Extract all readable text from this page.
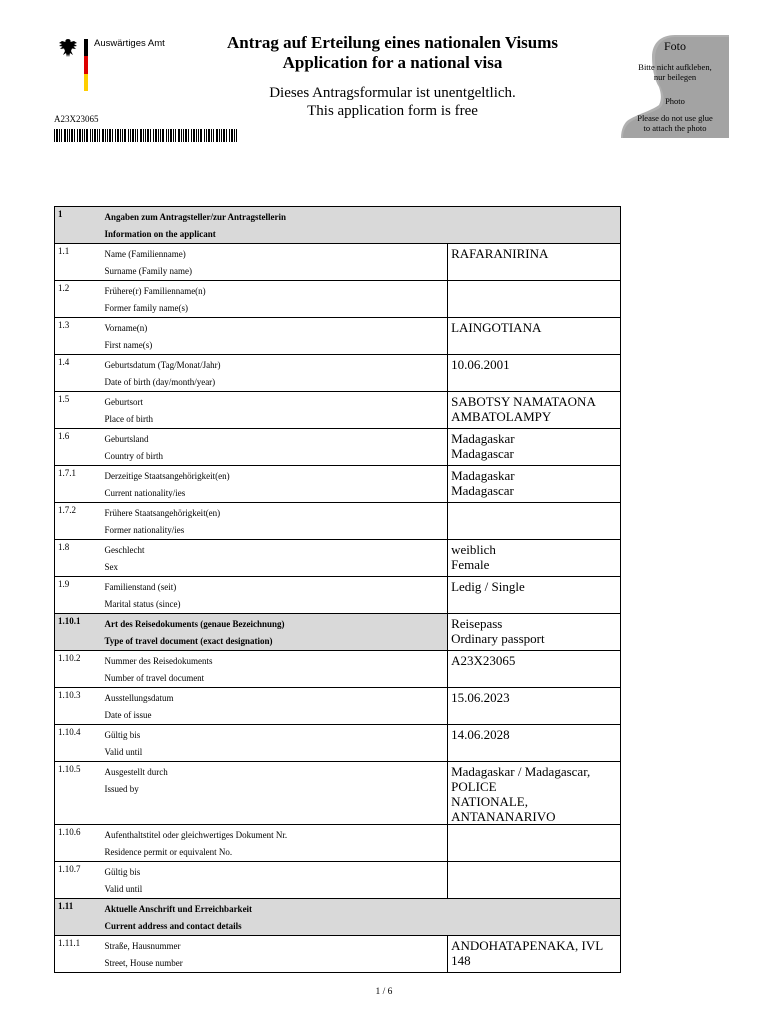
Auswärtiges Amt	Antrag auf Erteilung eines nationalen Visums
Application for a national visa
Dieses Antragsformular ist unentgeltlich.
This application form is free
A23X23065
Foto
Bitte nicht aufkleben,
nur beilegen
Photo
Please do not use glue
to attach the photo
1	Angaben zum Antragsteller/zur Antragstellerin
Information on the applicant	

1.1	Name (Familienname)
Surname (Family name)	RAFARANIRINA

1.2	Frühere(r) Familienname(n)
Former family name(s)	

1.3	Vorname(n)
First name(s)	LAINGOTIANA

1.4	Geburtsdatum (Tag/Monat/Jahr)
Date of birth (day/month/year)	10.06.2001

1.5	Geburtsort
Place of birth	SABOTSY NAMATAONA AMBATOLAMPY

1.6	Geburtsland
Country of birth	Madagaskar
Madagascar

1.7.1	Derzeitige Staatsangehörigkeit(en)
Current nationality/ies	Madagaskar
Madagascar

1.7.2	Frühere Staatsangehörigkeit(en)
Former nationality/ies	

1.8	Geschlecht
Sex	weiblich
Female

1.9	Familienstand (seit)
Marital status (since)	Ledig / Single

1.10.1	Art des Reisedokuments (genaue Bezeichnung)
Type of travel document (exact designation)	Reisepass
Ordinary passport

1.10.2	Nummer des Reisedokuments
Number of travel document	A23X23065

1.10.3	Ausstellungsdatum
Date of issue	15.06.2023

1.10.4	Gültig bis
Valid until	14.06.2028

1.10.5	Ausgestellt durch
Issued by	Madagaskar / Madagascar, POLICE
NATIONALE, ANTANANARIVO

1.10.6	Aufenthaltstitel oder gleichwertiges Dokument Nr.
Residence permit or equivalent No.	

1.10.7	Gültig bis
Valid until	

1.11	Aktuelle Anschrift und Erreichbarkeit
Current address and contact details	

1.11.1	Straße, Hausnummer
Street, House number	ANDOHATAPENAKA, IVL 148
1 / 6
